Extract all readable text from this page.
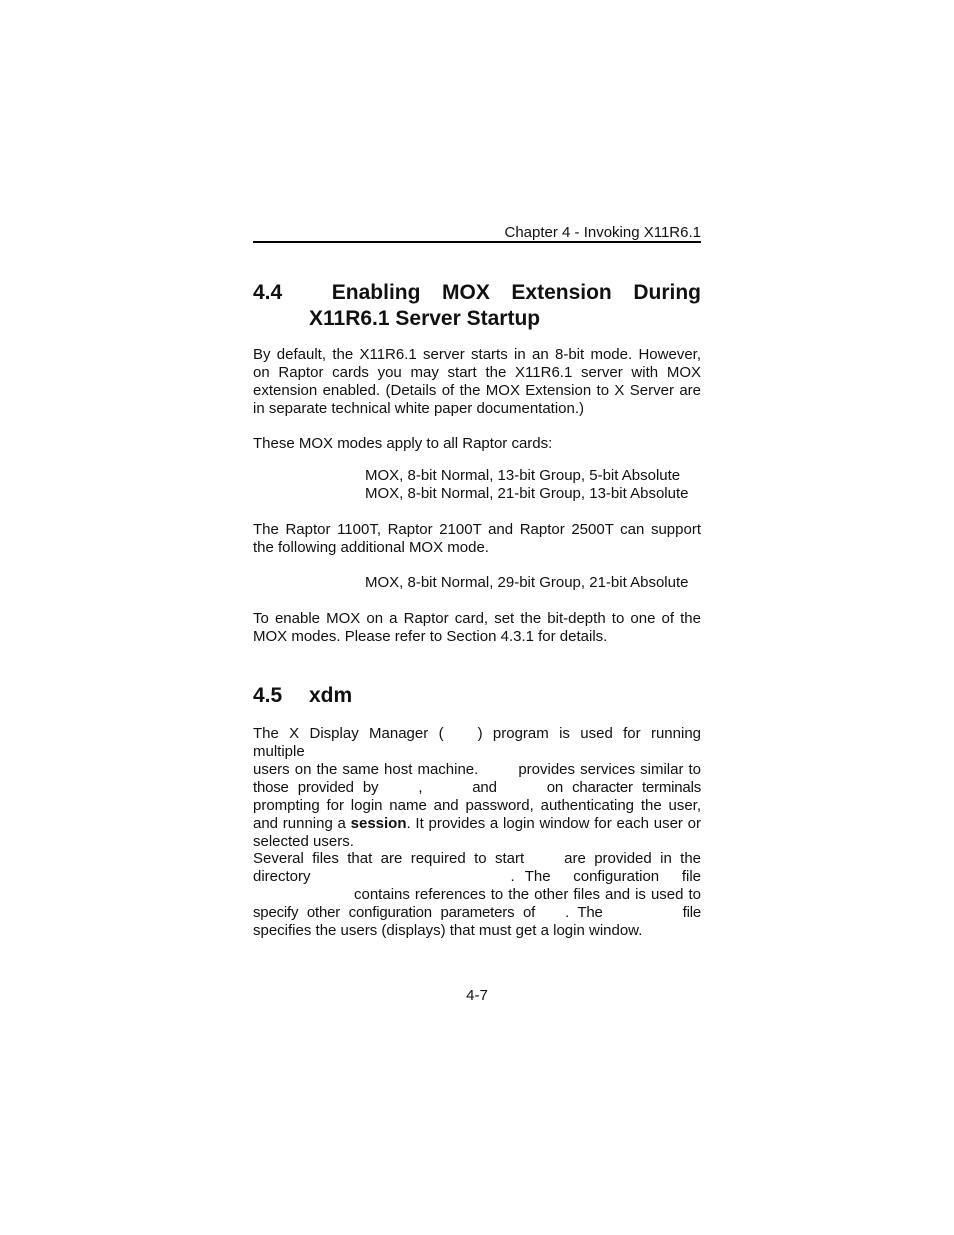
Chapter 4 - Invoking X11R6.1
4.4 Enabling MOX Extension During
X11R6.1 Server Startup
By default, the X11R6.1 server starts in an 8-bit mode. However,
on Raptor cards you may start the X11R6.1 server with MOX
extension enabled. (Details of the MOX Extension to X Server are
in separate technical white paper documentation.)
These MOX modes apply to all Raptor cards:
MOX, 8-bit Normal, 13-bit Group, 5-bit Absolute
MOX, 8-bit Normal, 21-bit Group, 13-bit Absolute
The Raptor 1100T, Raptor 2100T and Raptor 2500T can support
the following additional MOX mode.
MOX, 8-bit Normal, 29-bit Group, 21-bit Absolute
To enable MOX on a Raptor card, set the bit-depth to one of the
MOX modes. Please refer to Section 4.3.1 for details.
4.5 xdm
The X Display Manager ( ) program is used for running multiple
users on the same host machine.	provides services similar to
those provided by	,	and	on character terminals
prompting for login name and password, authenticating the user,
and running a session. It provides a login window for each user or
selected users.
Several files that are required to start	are provided in the
directory	. The configuration file
contains references to the other files and is used to
specify other configuration parameters of . The	file
specifies the users (displays) that must get a login window.
4-7
